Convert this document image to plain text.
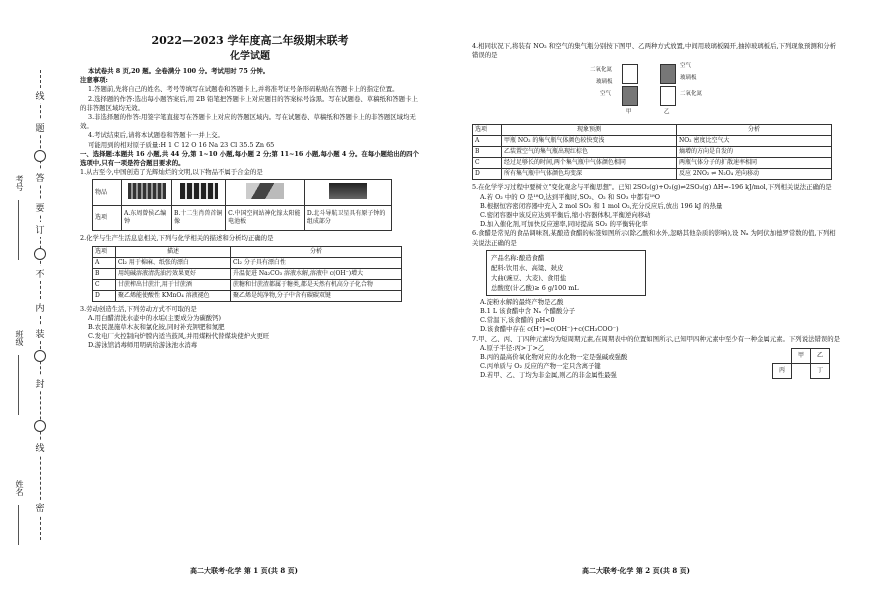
线
题
答
要
订
不
内
装
封
线
密
考号
班级
姓名
2022—2023 学年度高二年级期末联考
化学试题
本试卷共 8 页,20 题。全卷满分 100 分。考试用时 75 分钟。
注意事项:
1.答题前,先将自己的姓名、考号等填写在试题卷和答题卡上,并将准考证号条形码粘贴在答题卡上的指定位置。
2.选择题的作答:选出每小题答案后,用 2B 铅笔把答题卡上对应题目的答案标号涂黑。写在试题卷、草稿纸和答题卡上的非答题区域均无效。
3.非选择题的作答:用签字笔直接写在答题卡上对应的答题区域内。写在试题卷、草稿纸和答题卡上的非答题区域均无效。
4.考试结束后,请将本试题卷和答题卡一并上交。
可能用到的相对原子质量:H 1 C 12 O 16 Na 23 Cl 35.5 Zn 65
一、选择题:本题共 16 小题,共 44 分,第 1~10 小题,每小题 2 分;第 11~16 小题,每小题 4 分。在每小题给出的四个选项中,只有一项是符合题目要求的。
1.从古至今,中国创造了光辉灿烂的文明,以下物品不属于合金的是
物品				
选项	A.东周曾侯乙编钟	B.十二生肖兽首铜像	C.中国空间站神化镓太阳能电池板	D.北斗导航卫星具有原子钟的组成部分
2.化学与生产生活息息相关,下列与化学相关的描述和分析均正确的是
选项	描述	分析
A	Cl₂ 用于棉麻、纸张的漂白	Cl₂ 分子具有漂白性
B	用纯碱溶液清洗油污效果更好	升温促进 Na₂CO₃ 溶液水解,溶液中 c(OH⁻)增大
C	甘蔗榨出甘蔗汁,用于甘蔗酒	蔗糖和甘蔗渣都属于糖类,都是天然有机高分子化合物
D	聚乙烯能使酸性 KMnO₄ 溶液褪色	聚乙烯是纯净物,分子中含有碳碳双键
3.劳动创造生活,下列劳动方式不可取的是
A.用白醋清洗水壶中的水垢(主要成分为碳酸钙)
B.农民混施草木灰和氯化铵,同时补充钾肥和氮肥
C.发电厂火控制向炉膛内适当鼓风,并用煤粉代替煤块使炉火更旺
D.游泳馆消毒师用明矾给游泳池水消毒
高二大联考·化学 第 1 页(共 8 页)
4.相同状况下,将装有 NO₂ 和空气的集气瓶分别按下图甲、乙两种方式放置,中间用玻璃板隔开,抽掉玻璃板后,下列现象预测和分析错误的是
二氧化氮
玻璃板
空气
空气
玻璃板
二氧化氮
甲	乙
选项	现象预测	分析
A	甲瓶 NO₂ 的集气瓶气体颜色较快变浅	NO₂ 密度比空气大
B	乙装置空气的集气瓶出现红棕色	熵增的方向是自发的
C	经过足够长的时间,两个集气瓶中气体颜色相同	两瓶气体分子的扩散速率相同
D	所有集气瓶中气体颜色均变深	反应 2NO₂ ⇌ N₂O₄ 逆向移动
5.在化学学习过程中要树立"变化观念与平衡思想"。已知 2SO₂(g)+O₂(g)⇌2SO₃(g) ΔH=-196 kJ/mol,下列相关说法正确的是
A.若 O₂ 中的 O 是¹⁸O,达到平衡时,SO₂、O₂ 和 SO₃ 中都有¹⁸O
B.根据恒容密闭容器中充入 2 mol SO₂ 和 1 mol O₂,充分反应后,放出 196 kJ 的热量
C.密闭容器中该反应达到平衡后,缩小容器体积,平衡逆向移动
D.加入催化剂,可加快反应速率,同时提高 SO₂ 的平衡转化率
6.食醋是常见的食品调味剂,某酿造食醋的标签如图所示(除乙酸和水外,忽略其他杂质的影响),设 Nₐ 为阿伏加德罗常数的值,下列相关说法正确的是
产品名称:酿造食醋
配料:饮用水、高粱、麸皮
大曲(豌豆、大麦)、食用盐
总酸度(计乙酸)≥ 6 g/100 mL
A.淀粉水解的最终产物是乙酸
B.1 L 该食醋中含 Nₐ 个醋酸分子
C.常温下,该食醋的 pH<0
D.该食醋中存在 c(H⁺)=c(OH⁻)+c(CH₃COO⁻)
7.甲、乙、丙、丁四种元素均为短周期元素,在周期表中的位置如图所示,已知甲四种元素中至少有一种金属元素。下列说法错误的是
	甲	乙
丙		丁
A.原子半径:丙>丁>乙
B.丙的最高价氧化物对应的水化物一定是强碱或强酸
C.丙单质与 O₂ 反应的产物一定只含离子键
D.若甲、乙、丁均为非金属,则乙的非金属性最强
高二大联考·化学 第 2 页(共 8 页)
